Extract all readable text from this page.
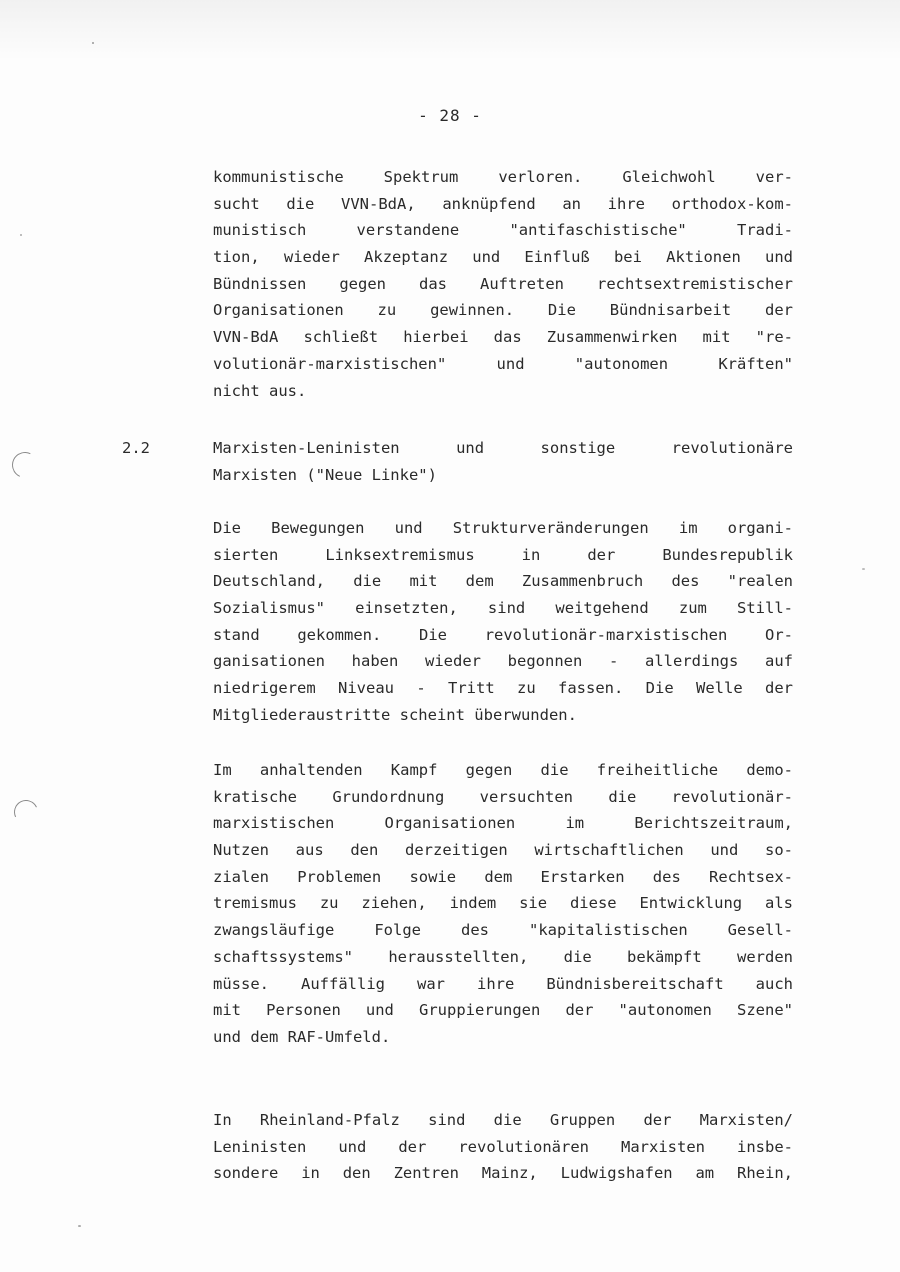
- 28 -
kommunistische Spektrum verloren. Gleichwohl ver-
sucht die VVN-BdA, anknüpfend an ihre orthodox-kom-
munistisch verstandene "antifaschistische" Tradi-
tion, wieder Akzeptanz und Einfluß bei Aktionen und
Bündnissen gegen das Auftreten rechtsextremistischer
Organisationen zu gewinnen. Die Bündnisarbeit der
VVN-BdA schließt hierbei das Zusammenwirken mit "re-
volutionär-marxistischen" und "autonomen Kräften"
nicht aus.
2.2	Marxisten-Leninisten und sonstige revolutionäre
Marxisten ("Neue Linke")
Die Bewegungen und Strukturveränderungen im organi-
sierten Linksextremismus in der Bundesrepublik
Deutschland, die mit dem Zusammenbruch des "realen
Sozialismus" einsetzten, sind weitgehend zum Still-
stand gekommen. Die revolutionär-marxistischen Or-
ganisationen haben wieder begonnen - allerdings auf
niedrigerem Niveau - Tritt zu fassen. Die Welle der
Mitgliederaustritte scheint überwunden.
Im anhaltenden Kampf gegen die freiheitliche demo-
kratische Grundordnung versuchten die revolutionär-
marxistischen Organisationen im Berichtszeitraum,
Nutzen aus den derzeitigen wirtschaftlichen und so-
zialen Problemen sowie dem Erstarken des Rechtsex-
tremismus zu ziehen, indem sie diese Entwicklung als
zwangsläufige Folge des "kapitalistischen Gesell-
schaftssystems" herausstellten, die bekämpft werden
müsse. Auffällig war ihre Bündnisbereitschaft auch
mit Personen und Gruppierungen der "autonomen Szene"
und dem RAF-Umfeld.
In Rheinland-Pfalz sind die Gruppen der Marxisten/
Leninisten und der revolutionären Marxisten insbe-
sondere in den Zentren Mainz, Ludwigshafen am Rhein,
